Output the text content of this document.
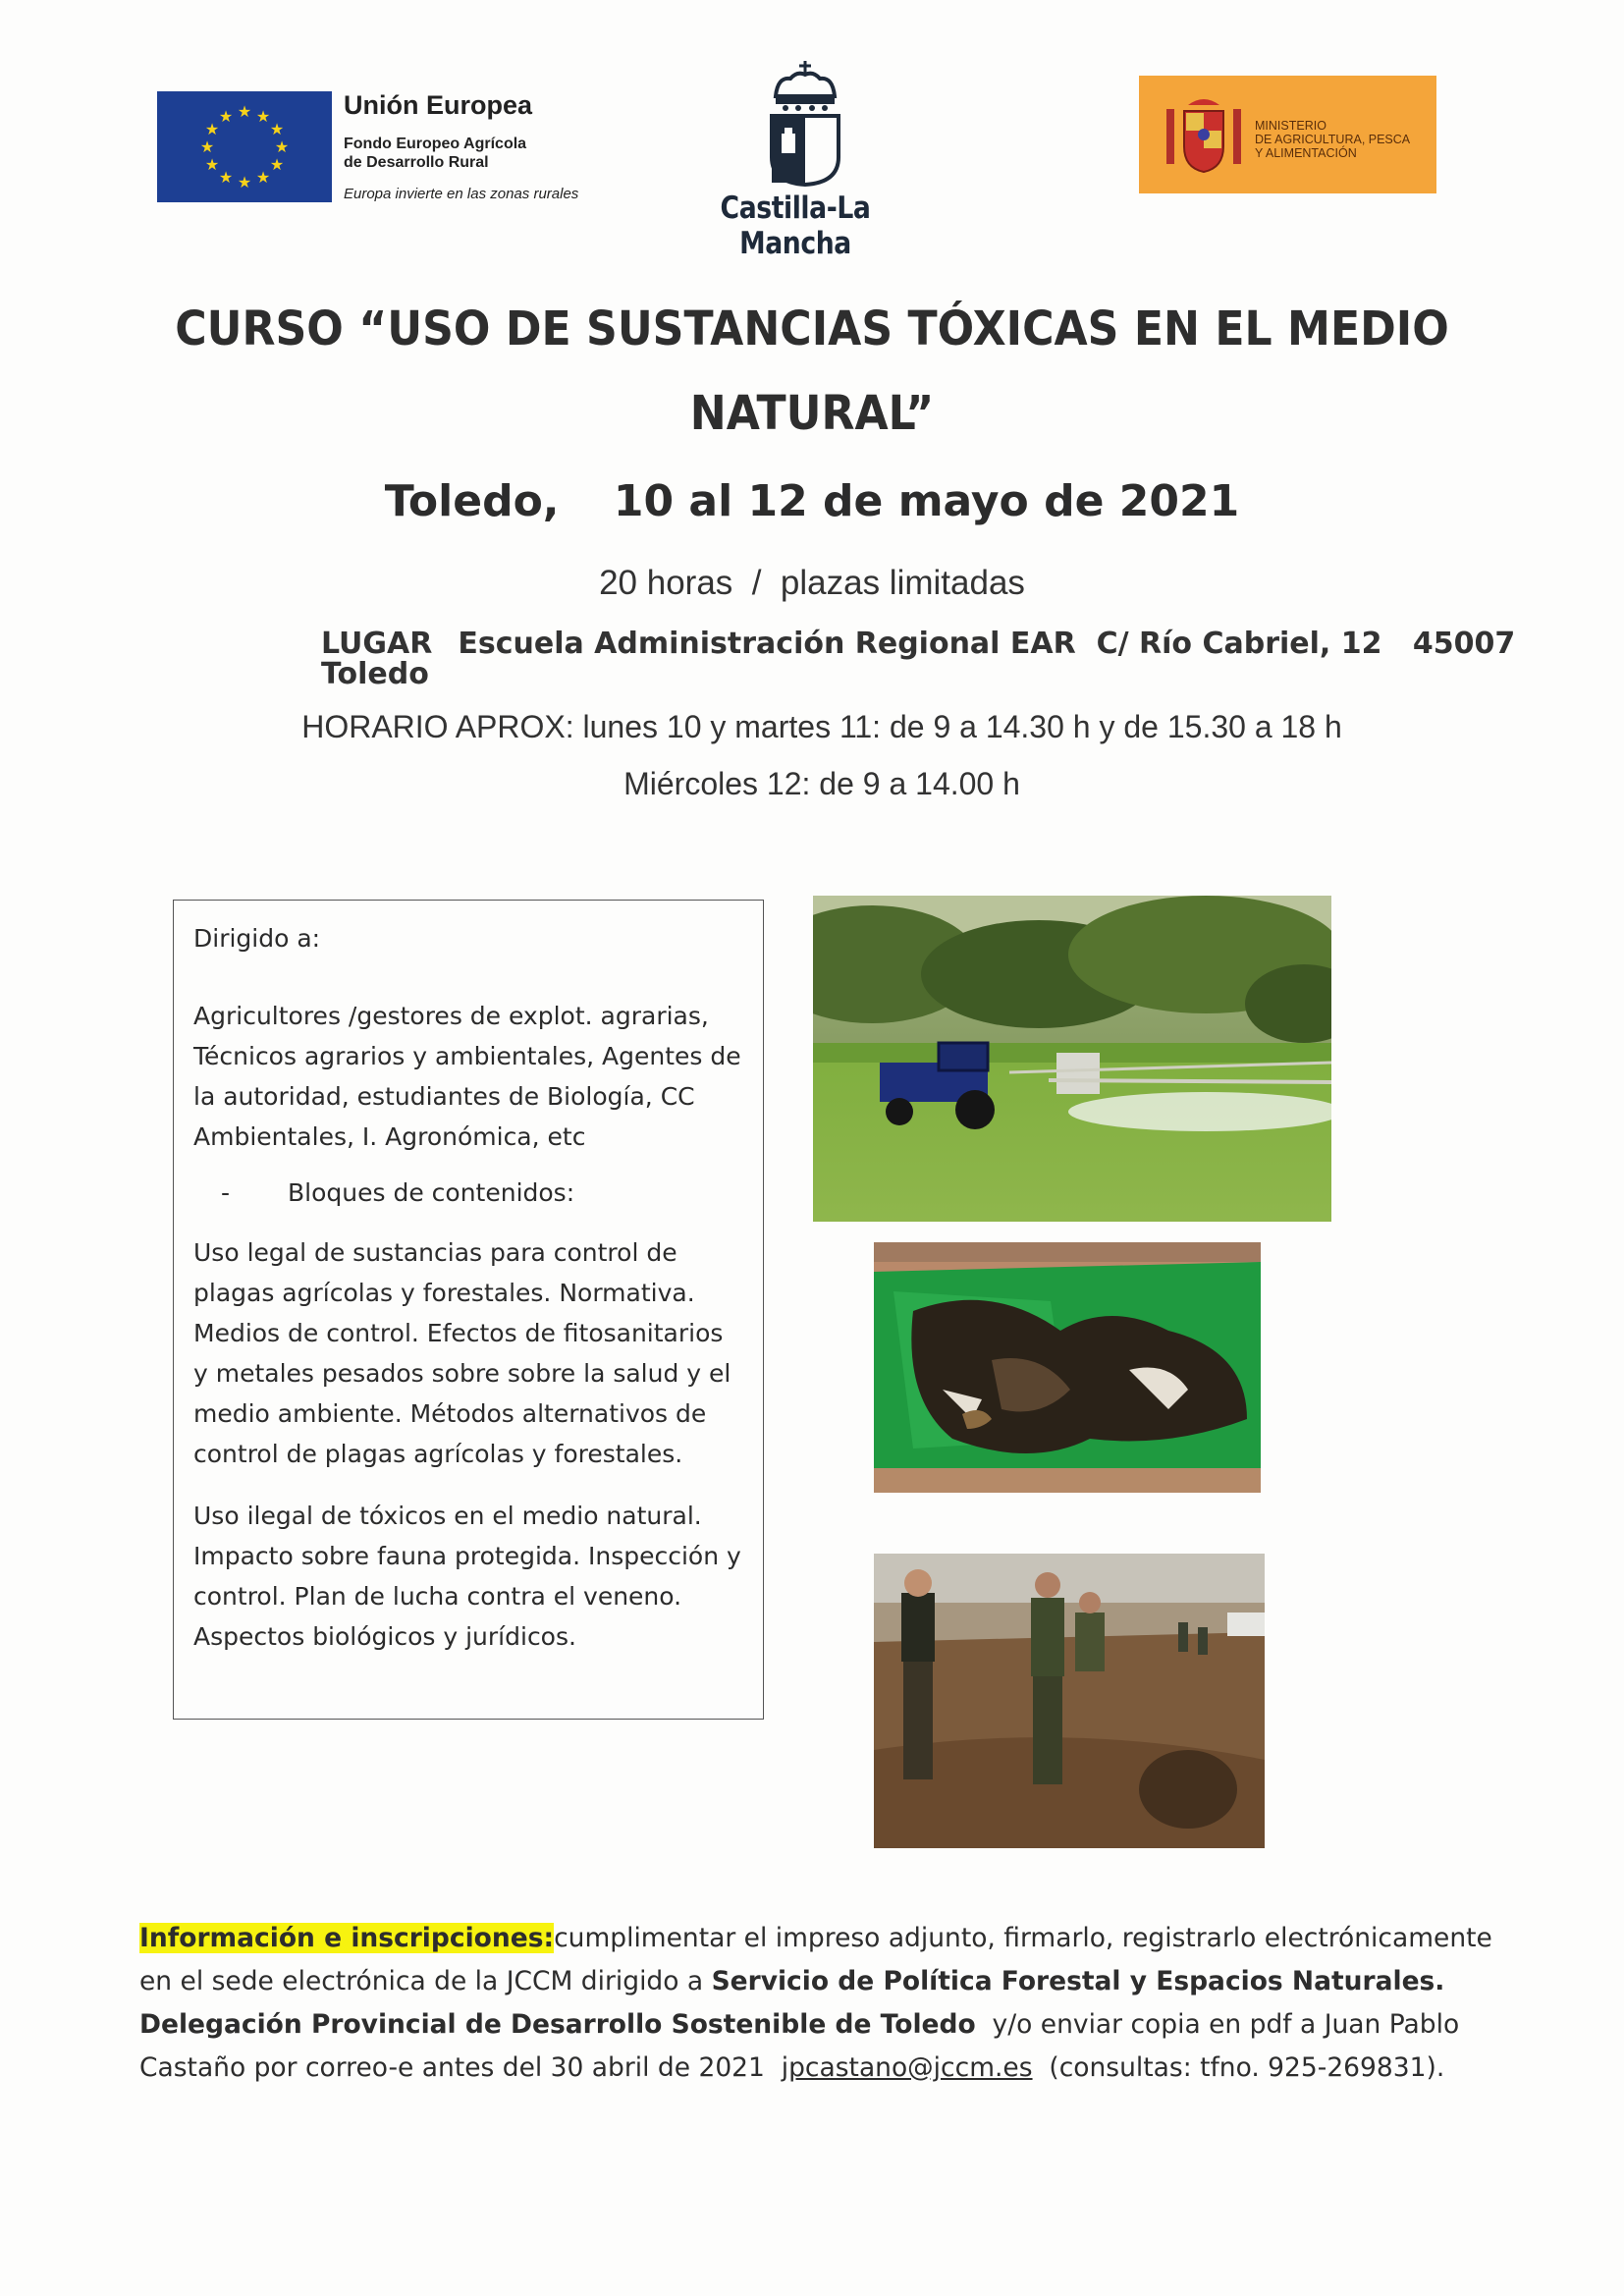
★ ★
★
★
★
★
★
★
★
★
★
★	Unión Europea
Fondo Europeo Agrícola
de Desarrollo Rural
Europa invierte en las zonas rurales	Castilla-La Mancha
MINISTERIO
DE AGRICULTURA, PESCA
Y ALIMENTACIÓN
CURSO “USO DE SUSTANCIAS TÓXICAS EN EL MEDIO
NATURAL”
Toledo, 10 al 12 de mayo de 2021
20 horas  /  plazas limitadas
LUGAR Escuela Administración Regional EAR  C/ Río Cabriel, 12   45007
Toledo
HORARIO APROX: lunes 10 y martes 11: de 9 a 14.30 h y de 15.30 a 18 h
Miércoles 12: de 9 a 14.00 h

Dirigido a:

Agricultores /gestores de explot. agrarias, Técnicos agrarios y ambientales, Agentes de la autoridad, estudiantes de Biología, CC Ambientales, I. Agronómica, etc

- Bloques de contenidos:

Uso legal de sustancias para control de plagas agrícolas y forestales. Normativa. Medios de control. Efectos de fitosanitarios y metales pesados sobre sobre la salud y el medio ambiente. Métodos alternativos de control de plagas agrícolas y forestales.

Uso ilegal de tóxicos en el medio natural. Impacto sobre fauna protegida. Inspección y control. Plan de lucha contra el veneno. Aspectos biológicos y jurídicos.

Información e inscripciones:cumplimentar el impreso adjunto, firmarlo, registrarlo electrónicamente en el sede electrónica de la JCCM dirigido a Servicio de Política Forestal y Espacios Naturales.
Delegación Provincial de Desarrollo Sostenible de Toledo  y/o enviar copia en pdf a Juan Pablo Castaño por correo-e antes del 30 abril de 2021  jpcastano@jccm.es  (consultas: tfno. 925-269831).
